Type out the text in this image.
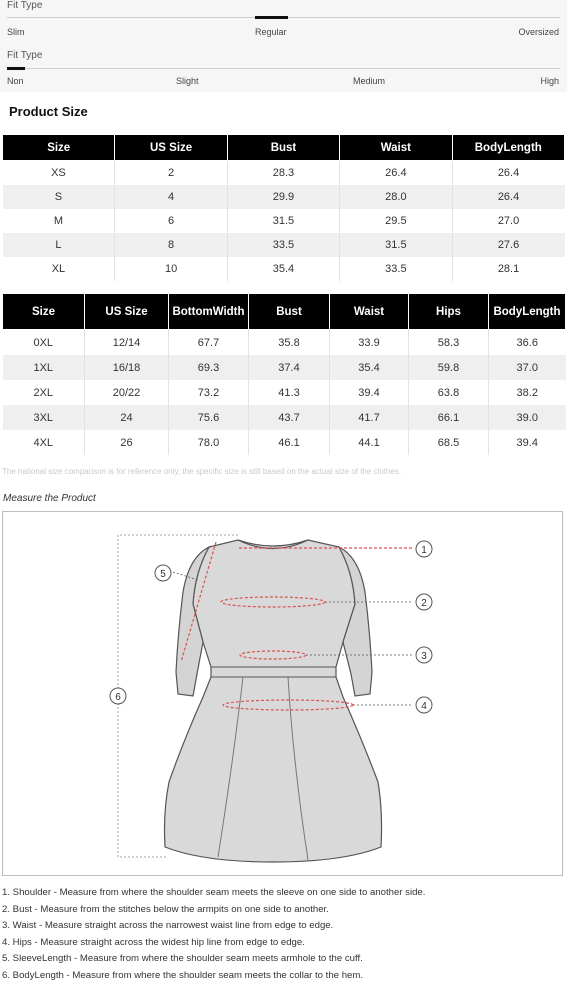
Fit Type
Slim	Regular	Oversized
Fit Type
Non	Slight	Medium	High
Product Size
Size	US Size	Bust	Waist	BodyLength
XS	2	28.3	26.4	26.4
S	4	29.9	28.0	26.4
M	6	31.5	29.5	27.0
L	8	33.5	31.5	27.6
XL	10	35.4	33.5	28.1
Size	US Size	BottomWidth	Bust	Waist	Hips	BodyLength
0XL	12/14	67.7	35.8	33.9	58.3	36.6
1XL	16/18	69.3	37.4	35.4	59.8	37.0
2XL	20/22	73.2	41.3	39.4	63.8	38.2
3XL	24	75.6	43.7	41.7	66.1	39.0
4XL	26	78.0	46.1	44.1	68.5	39.4
The national size comparison is for reference only, the specific size is still based on the actual size of the clothes.
Measure the Product
1
2
3
4
5
6
1. Shoulder - Measure from where the shoulder seam meets the sleeve on one side to another side.
2. Bust - Measure from the stitches below the armpits on one side to another.
3. Waist - Measure straight across the narrowest waist line from edge to edge.
4. Hips - Measure straight across the widest hip line from edge to edge.
5. SleeveLength - Measure from where the shoulder seam meets armhole to the cuff.
6. BodyLength - Measure from where the shoulder seam meets the collar to the hem.
